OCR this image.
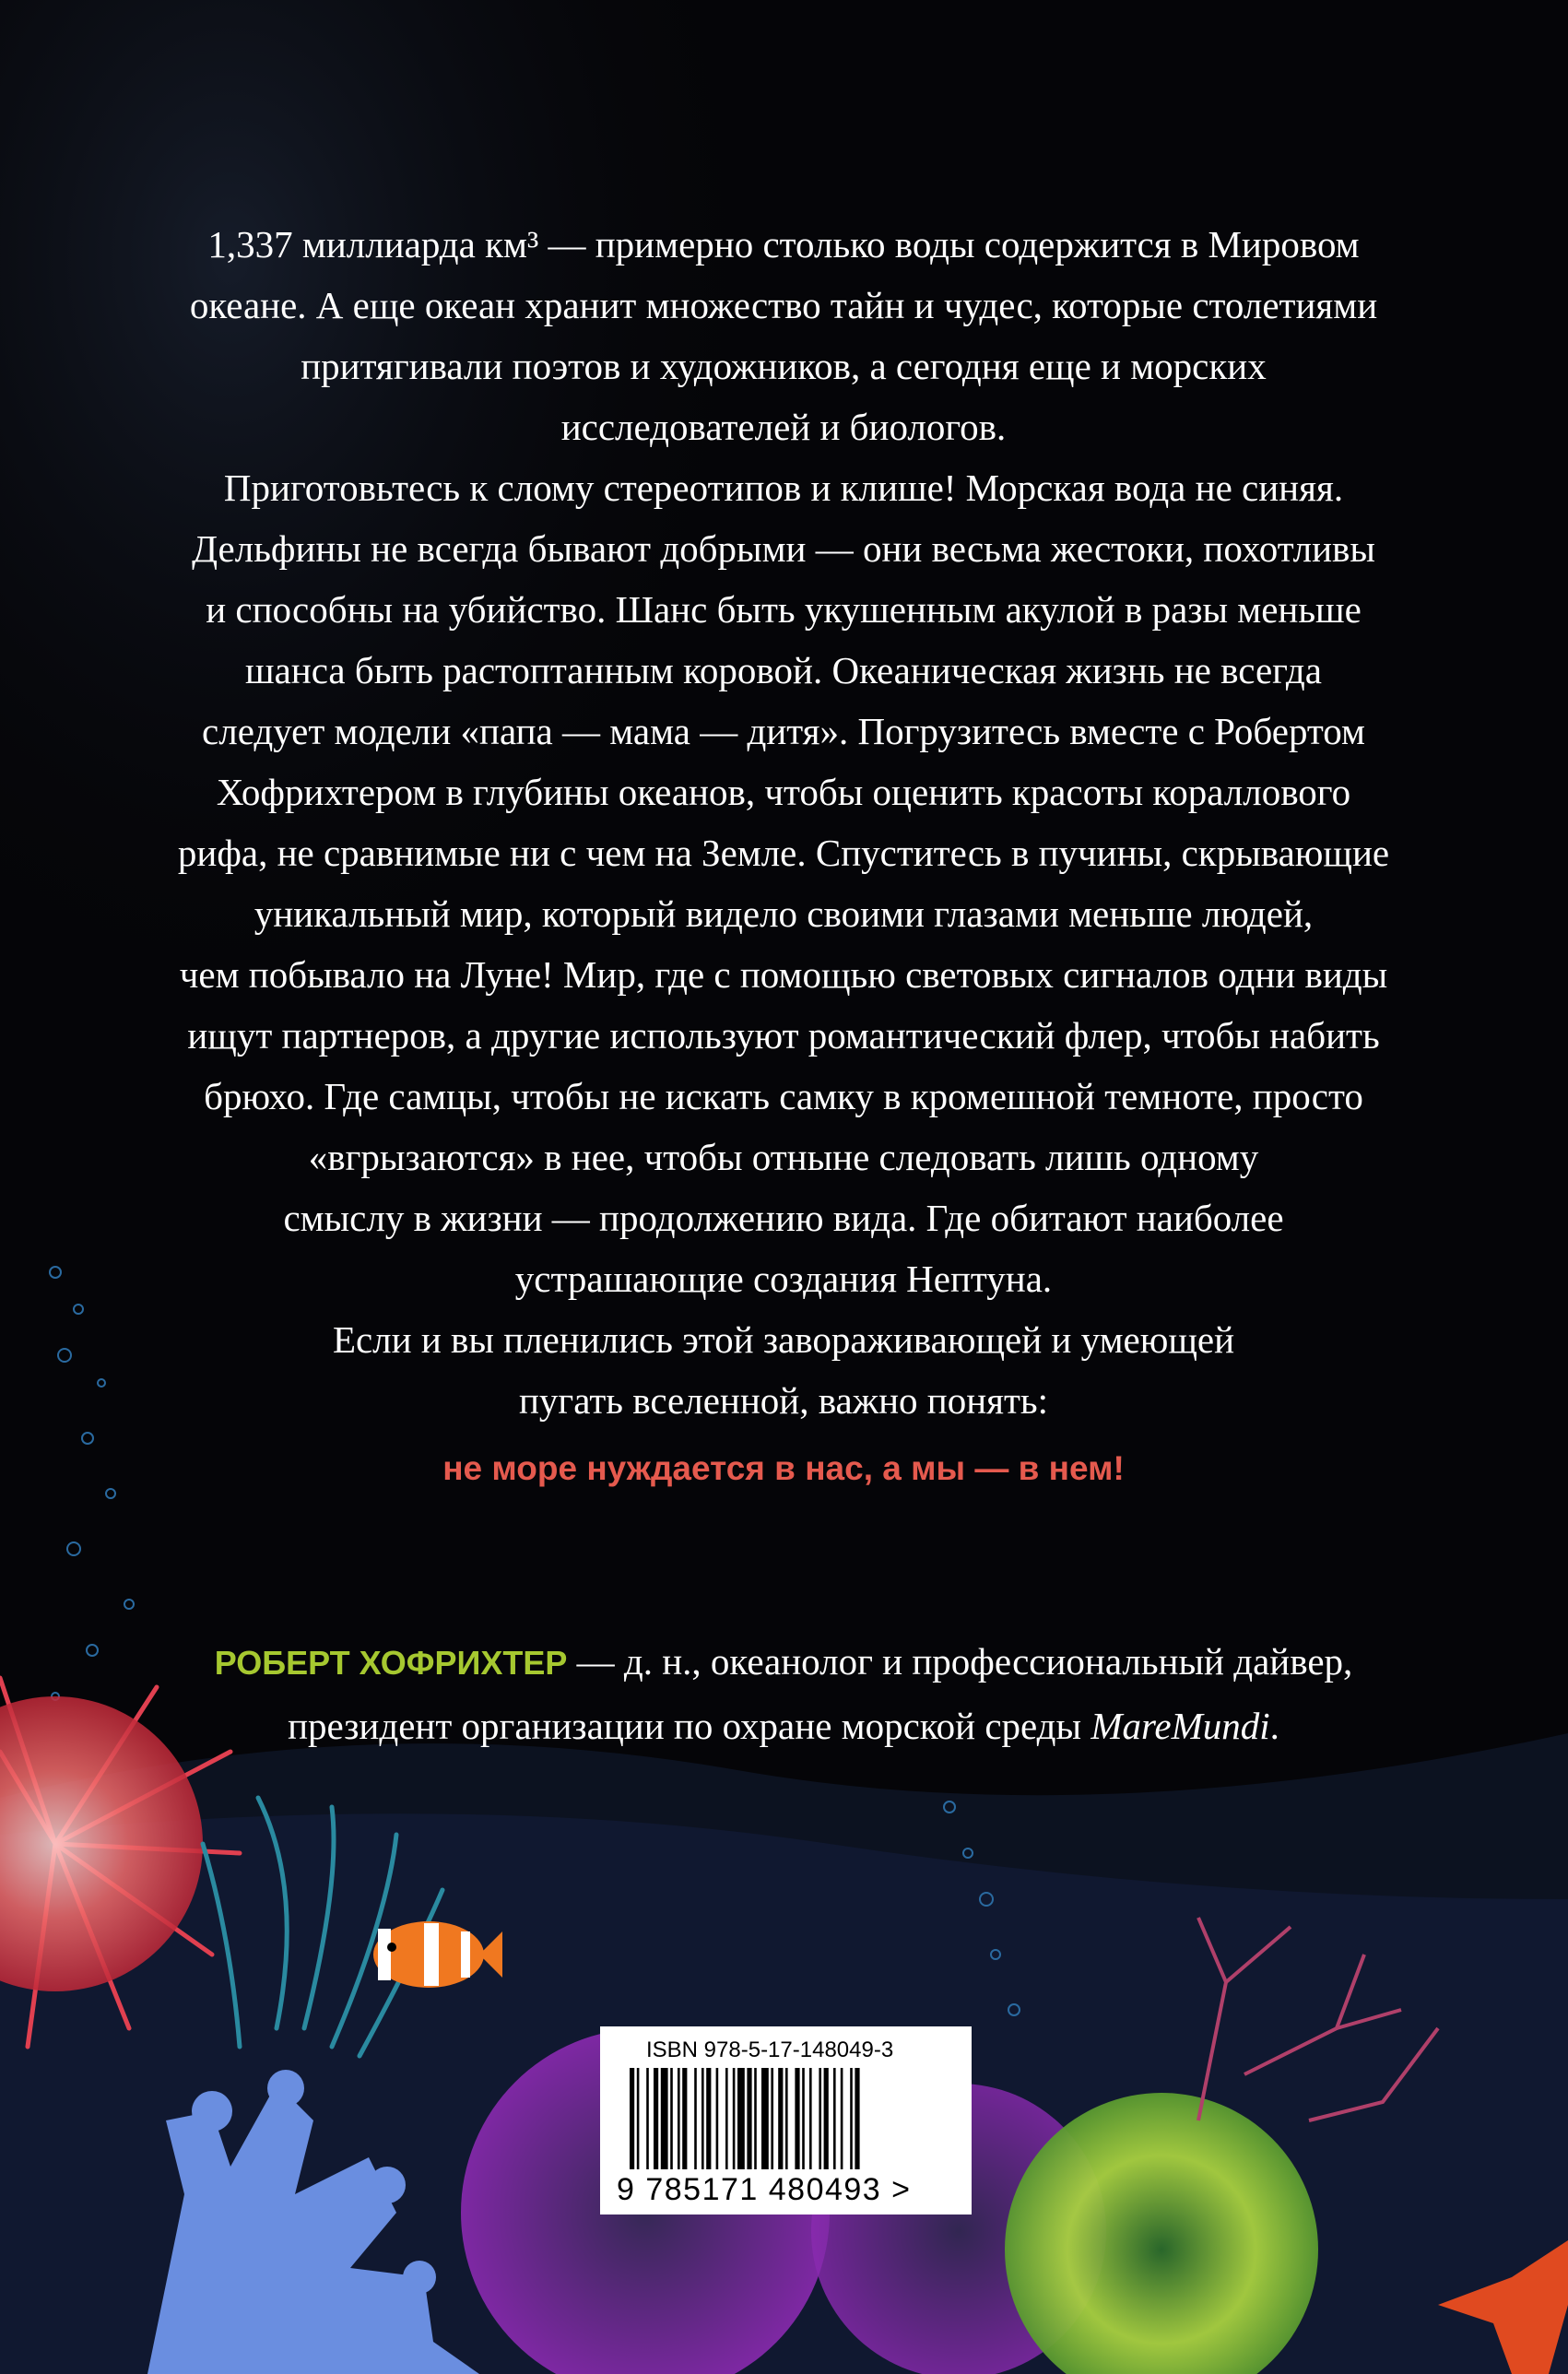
1,337 миллиарда км³ — примерно столько воды содержится в Мировом
океане. А еще океан хранит множество тайн и чудес, которые столетиями
притягивали поэтов и художников, а сегодня еще и морских
исследователей и биологов.

Приготовьтесь к слому стереотипов и клише! Морская вода не синяя.
Дельфины не всегда бывают добрыми — они весьма жестоки, похотливы
и способны на убийство. Шанс быть укушенным акулой в разы меньше
шанса быть растоптанным коровой. Океаническая жизнь не всегда
следует модели «папа — мама — дитя». Погрузитесь вместе с Робертом
Хофрихтером в глубины океанов, чтобы оценить красоты кораллового
рифа, не сравнимые ни с чем на Земле. Спуститесь в пучины, скрывающие
уникальный мир, который видело своими глазами меньше людей,
чем побывало на Луне! Мир, где с помощью световых сигналов одни виды
ищут партнеров, а другие используют романтический флер, чтобы набить
брюхо. Где самцы, чтобы не искать самку в кромешной темноте, просто
«вгрызаются» в нее, чтобы отныне следовать лишь одному
смыслу в жизни — продолжению вида. Где обитают наиболее
устрашающие создания Нептуна.

Если и вы пленились этой завораживающей и умеющей
пугать вселенной, важно понять:

не море нуждается в нас, а мы — в нем!
РОБЕРТ ХОФРИХТЕР — д. н., океанолог и профессиональный дайвер,
президент организации по охране морской среды MareMundi.
ISBN 978-5-17-148049-3
9 785171 480493 >
